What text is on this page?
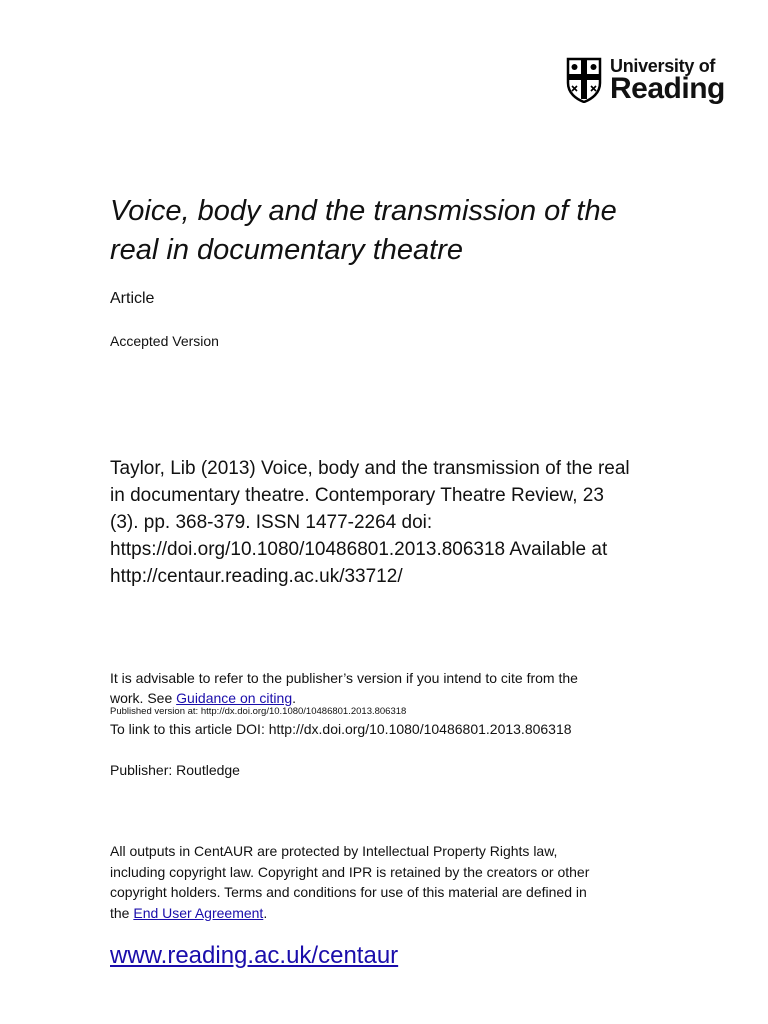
University of
Reading
Voice, body and the transmission of the
real in documentary theatre

Article

Accepted Version

Taylor, Lib (2013) Voice, body and the transmission of the real
in documentary theatre. Contemporary Theatre Review, 23
(3). pp. 368-379. ISSN 1477-2264 doi:
https://doi.org/10.1080/10486801.2013.806318 Available at
http://centaur.reading.ac.uk/33712/

It is advisable to refer to the publisher’s version if you intend to cite from the
work. See Guidance on citing.

Published version at: http://dx.doi.org/10.1080/10486801.2013.806318

To link to this article DOI: http://dx.doi.org/10.1080/10486801.2013.806318

Publisher: Routledge

All outputs in CentAUR are protected by Intellectual Property Rights law,
including copyright law. Copyright and IPR is retained by the creators or other
copyright holders. Terms and conditions for use of this material are defined in
the End User Agreement.

www.reading.ac.uk/centaur
